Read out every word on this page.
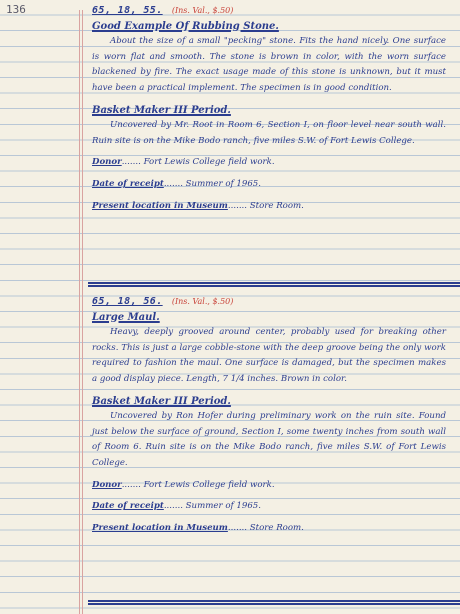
136	65, 18, 55. (Ins. Val., $.50)
Good Example Of Rubbing Stone.

About the size of a small "pecking" stone. Fits the hand nicely. One surface is worn flat and smooth. The stone is brown in color, with the worn surface blackened by fire. The exact usage made of this stone is unknown, but it must have been a practical implement. The specimen is in good condition.

Basket Maker III Period.

Uncovered by Mr. Root in Room 6, Section I, on floor level near south wall. Ruin site is on the Mike Bodo ranch, five miles S.W. of Fort Lewis College.

Donor....... Fort Lewis College field work.
Date of receipt....... Summer of 1965.
Present location in Museum....... Store Room.
65, 18, 56. (Ins. Val., $.50)
Large Maul.

Heavy, deeply grooved around center, probably used for breaking other rocks. This is just a large cobble-stone with the deep groove being the only work required to fashion the maul. One surface is damaged, but the specimen makes a good display piece. Length, 7 1/4 inches. Brown in color.

Basket Maker III Period.

Uncovered by Ron Hofer during preliminary work on the ruin site. Found just below the surface of ground, Section I, some twenty inches from south wall of Room 6. Ruin site is on the Mike Bodo ranch, five miles S.W. of Fort Lewis College.

Donor....... Fort Lewis College field work.
Date of receipt....... Summer of 1965.
Present location in Museum....... Store Room.
